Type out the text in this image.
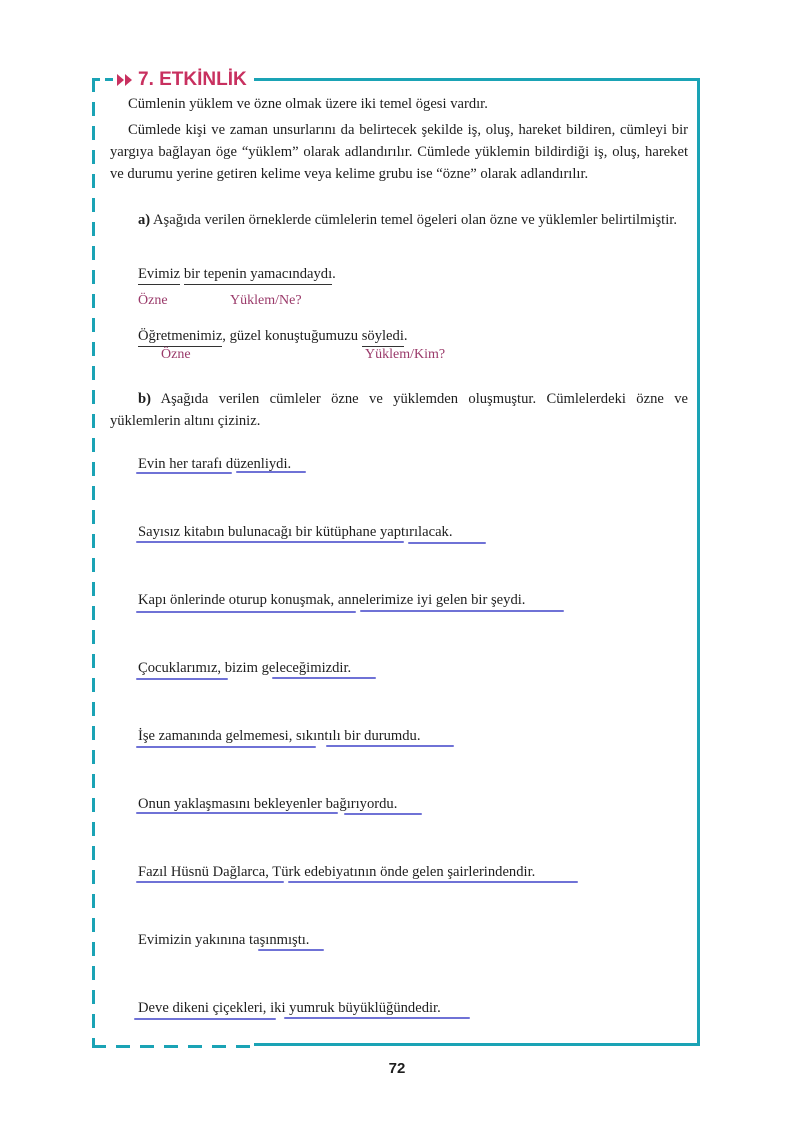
7. ETKİNLİK

Cümlenin yüklem ve özne olmak üzere iki temel ögesi vardır.

Cümlede kişi ve zaman unsurlarını da belirtecek şekilde iş, oluş, hareket bildiren, cümleyi bir yargıya bağlayan öge “yüklem” olarak adlandırılır. Cümlede yüklemin bildirdiği iş, oluş, hareket ve durumu yerine getiren kelime veya kelime grubu ise “özne” olarak adlandırılır.

a) Aşağıda verilen örneklerde cümlelerin temel ögeleri olan özne ve yüklemler belirtilmiştir.

Evimiz bir tepenin yamacındaydı.
Özne	Yüklem/Ne?
Öğretmenimiz, güzel konuştuğumuzu söyledi.
Özne	Yüklem/Kim?

b) Aşağıda verilen cümleler özne ve yüklemden oluşmuştur. Cümlelerdeki özne ve yüklemlerin altını çiziniz.

Evin her tarafı düzenliydi.
Sayısız kitabın bulunacağı bir kütüphane yaptırılacak.
Kapı önlerinde oturup konuşmak, annelerimize iyi gelen bir şeydi.
Çocuklarımız, bizim geleceğimizdir.
İşe zamanında gelmemesi, sıkıntılı bir durumdu.
Onun yaklaşmasını bekleyenler bağırıyordu.
Fazıl Hüsnü Dağlarca, Türk edebiyatının önde gelen şairlerindendir.
Evimizin yakınına taşınmıştı.
Deve dikeni çiçekleri, iki yumruk büyüklüğündedir.
72
